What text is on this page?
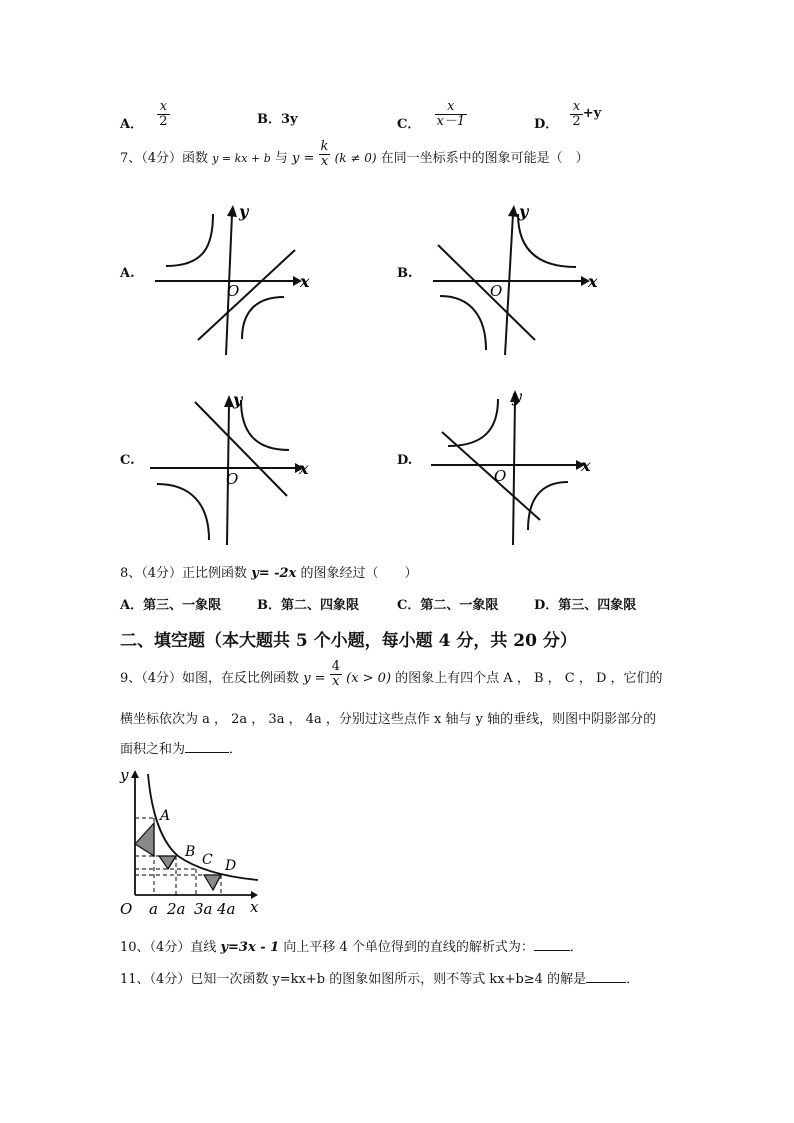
A． $\frac{x}{2}$	B．3y	C． $\frac{x}{x-1}$	D． $\frac{x}{2} +y$
7、（4分）函数 $_{y = kx + b}$ 与 $y = \frac{k}{x} (k \ne 0)$ 在同一坐标系中的图象可能是（　）
A.	B.
C.	D.
x
y
O	x
y
O
x
y
O
x
y
O
8、（4分）正比例函数 y= -2x 的图象经过（　　）
A．第三、一象限	B．第二、四象限	C．第二、一象限	D．第三、四象限
二、填空题（本大题共 5 个小题，每小题 4 分，共 20 分）
9、（4分）如图，在反比例函数 $y = \frac{4}{x} (x > 0)$ 的图象上有四个点 A ， B ， C ， D ，它们的
横坐标依次为 a ， 2a ， 3a ， 4a ，分别过这些点作 x 轴与 y 轴的垂线，则图中阴影部分的
面积之和为	．
y
A
B C D
O a 2a 3a 4a x
10、（4分）直线 y=3x - 1 向上平移 4 个单位得到的直线的解析式为：	．
11、（4分）已知一次函数 y=kx+b 的图象如图所示，则不等式 kx+b≥4 的解是	．
